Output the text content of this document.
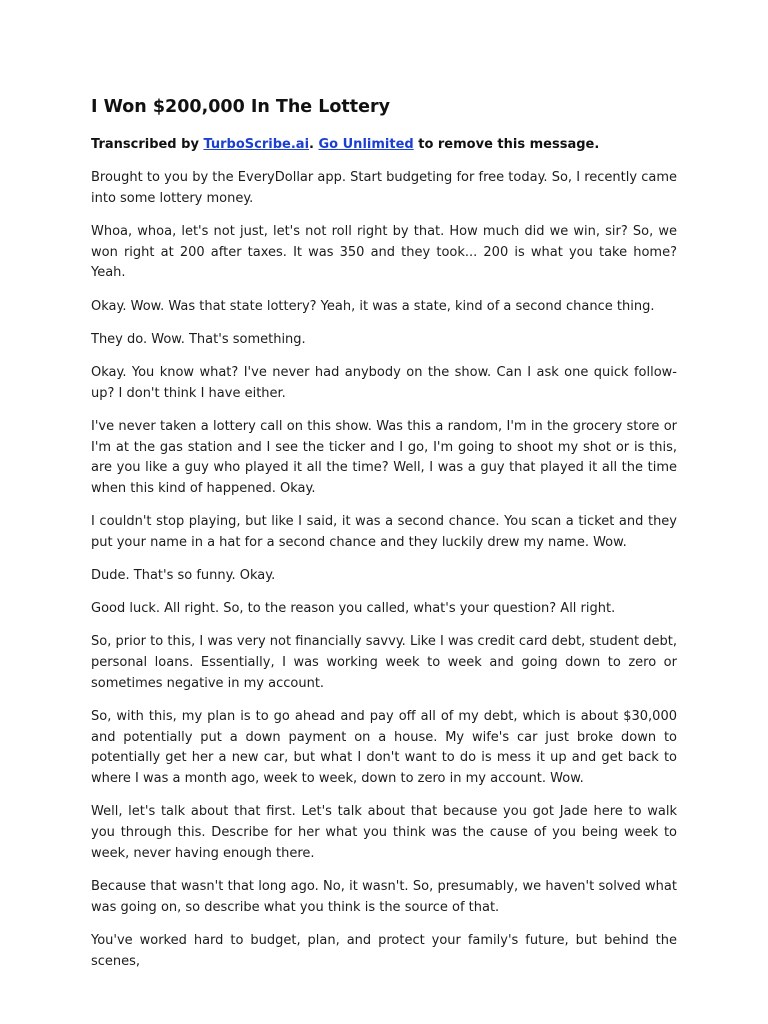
I Won $200,000 In The Lottery

Transcribed by TurboScribe.ai. Go Unlimited to remove this message.

Brought to you by the EveryDollar app. Start budgeting for free today. So, I recently came into some lottery money.

Whoa, whoa, let's not just, let's not roll right by that. How much did we win, sir? So, we won right at 200 after taxes. It was 350 and they took... 200 is what you take home? Yeah.

Okay. Wow. Was that state lottery? Yeah, it was a state, kind of a second chance thing.

They do. Wow. That's something.

Okay. You know what? I've never had anybody on the show. Can I ask one quick follow-up? I don't think I have either.

I've never taken a lottery call on this show. Was this a random, I'm in the grocery store or I'm at the gas station and I see the ticker and I go, I'm going to shoot my shot or is this, are you like a guy who played it all the time? Well, I was a guy that played it all the time when this kind of happened. Okay.

I couldn't stop playing, but like I said, it was a second chance. You scan a ticket and they put your name in a hat for a second chance and they luckily drew my name. Wow.

Dude. That's so funny. Okay.

Good luck. All right. So, to the reason you called, what's your question? All right.

So, prior to this, I was very not financially savvy. Like I was credit card debt, student debt, personal loans. Essentially, I was working week to week and going down to zero or sometimes negative in my account.

So, with this, my plan is to go ahead and pay off all of my debt, which is about $30,000 and potentially put a down payment on a house. My wife's car just broke down to potentially get her a new car, but what I don't want to do is mess it up and get back to where I was a month ago, week to week, down to zero in my account. Wow.

Well, let's talk about that first. Let's talk about that because you got Jade here to walk you through this. Describe for her what you think was the cause of you being week to week, never having enough there.

Because that wasn't that long ago. No, it wasn't. So, presumably, we haven't solved what was going on, so describe what you think is the source of that.

You've worked hard to budget, plan, and protect your family's future, but behind the scenes,
